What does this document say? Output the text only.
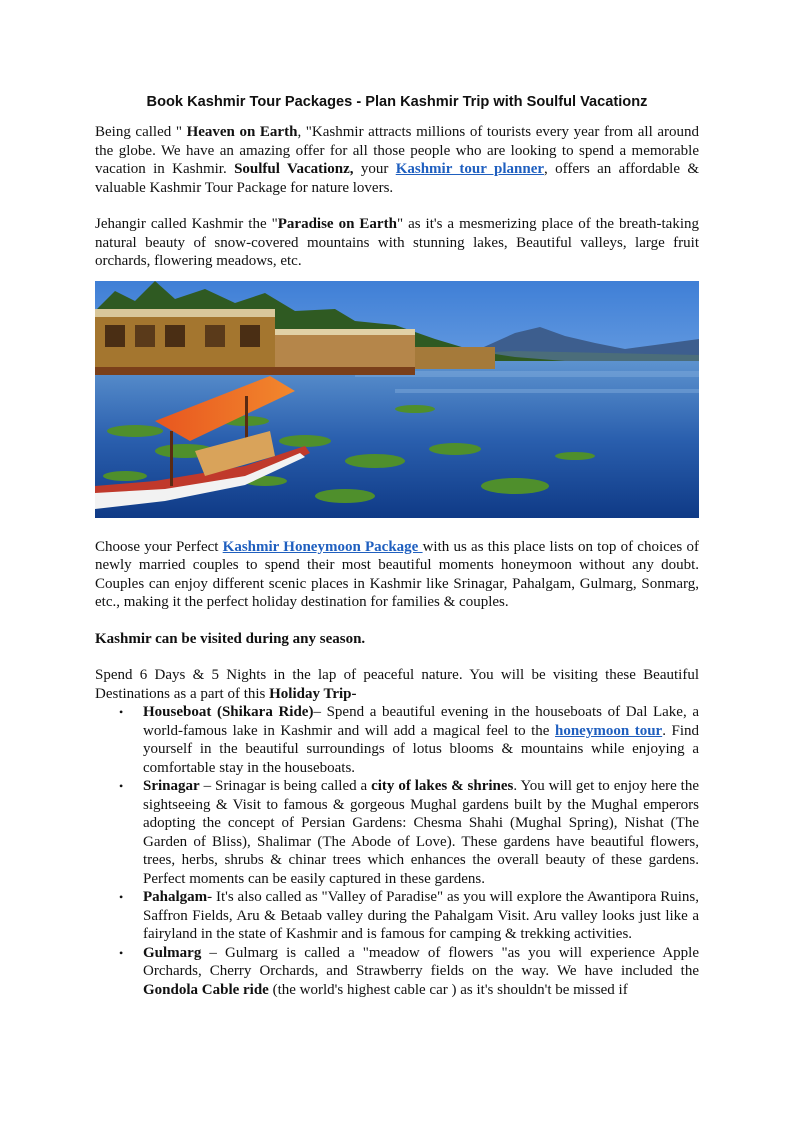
Book Kashmir Tour Packages - Plan Kashmir Trip with Soulful Vacationz

Being called " Heaven on Earth, "Kashmir attracts millions of tourists every year from all around the globe. We have an amazing offer for all those people who are looking to spend a memorable vacation in Kashmir. Soulful Vacationz, your Kashmir tour planner, offers an affordable & valuable Kashmir Tour Package for nature lovers.

Jehangir called Kashmir the "Paradise on Earth" as it's a mesmerizing place of the breath-taking natural beauty of snow-covered mountains with stunning lakes, Beautiful valleys, large fruit orchards, flowering meadows, etc.

Choose your Perfect Kashmir Honeymoon Package with us as this place lists on top of choices of newly married couples to spend their most beautiful moments honeymoon without any doubt. Couples can enjoy different scenic places in Kashmir like Srinagar, Pahalgam, Gulmarg, Sonmarg, etc., making it the perfect holiday destination for families & couples.

Kashmir can be visited during any season.

Spend 6 Days & 5 Nights in the lap of peaceful nature. You will be visiting these Beautiful Destinations as a part of this Holiday Trip-

• Houseboat (Shikara Ride)– Spend a beautiful evening in the houseboats of Dal Lake, a world-famous lake in Kashmir and will add a magical feel to the honeymoon tour. Find yourself in the beautiful surroundings of lotus blooms & mountains while enjoying a comfortable stay in the houseboats.
• Srinagar – Srinagar is being called a city of lakes & shrines. You will get to enjoy here the sightseeing & Visit to famous & gorgeous Mughal gardens built by the Mughal emperors adopting the concept of Persian Gardens: Chesma Shahi (Mughal Spring), Nishat (The Garden of Bliss), Shalimar (The Abode of Love). These gardens have beautiful flowers, trees, herbs, shrubs & chinar trees which enhances the overall beauty of these gardens. Perfect moments can be easily captured in these gardens.
• Pahalgam- It's also called as "Valley of Paradise" as you will explore the Awantipora Ruins, Saffron Fields, Aru & Betaab valley during the Pahalgam Visit. Aru valley looks just like a fairyland in the state of Kashmir and is famous for camping & trekking activities.
• Gulmarg – Gulmarg is called a "meadow of flowers "as you will experience Apple Orchards, Cherry Orchards, and Strawberry fields on the way. We have included the Gondola Cable ride (the world's highest cable car ) as it's shouldn't be missed if
